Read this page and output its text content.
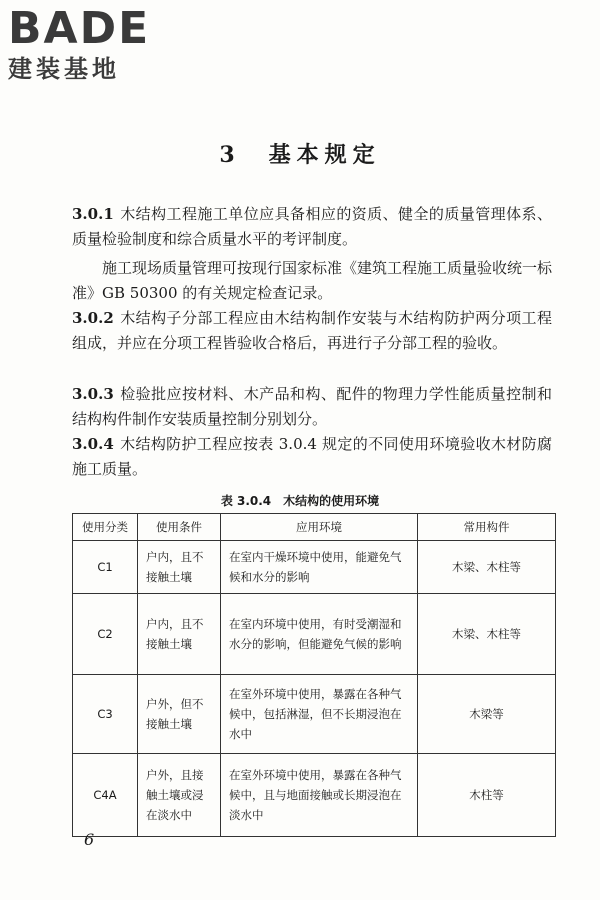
BADE
建装基地
3　基本规定
3.0.1 木结构工程施工单位应具备相应的资质、健全的质量管理体系、质量检验制度和综合质量水平的考评制度。
施工现场质量管理可按现行国家标准《建筑工程施工质量验收统一标准》GB 50300 的有关规定检查记录。
3.0.2 木结构子分部工程应由木结构制作安装与木结构防护两分项工程组成，并应在分项工程皆验收合格后，再进行子分部工程的验收。
3.0.3 检验批应按材料、木产品和构、配件的物理力学性能质量控制和结构构件制作安装质量控制分别划分。
3.0.4 木结构防护工程应按表 3.0.4 规定的不同使用环境验收木材防腐施工质量。
表 3.0.4　木结构的使用环境
使用分类	使用条件	应用环境	常用构件
C1	户内，且不接触土壤	在室内干燥环境中使用，能避免气候和水分的影响	木梁、木柱等
C2	户内，且不接触土壤	在室内环境中使用，有时受潮湿和水分的影响，但能避免气候的影响	木梁、木柱等
C3	户外，但不接触土壤	在室外环境中使用，暴露在各种气候中，包括淋湿，但不长期浸泡在水中	木梁等
C4A	户外，且接触土壤或浸在淡水中	在室外环境中使用，暴露在各种气候中，且与地面接触或长期浸泡在淡水中	木柱等
6
